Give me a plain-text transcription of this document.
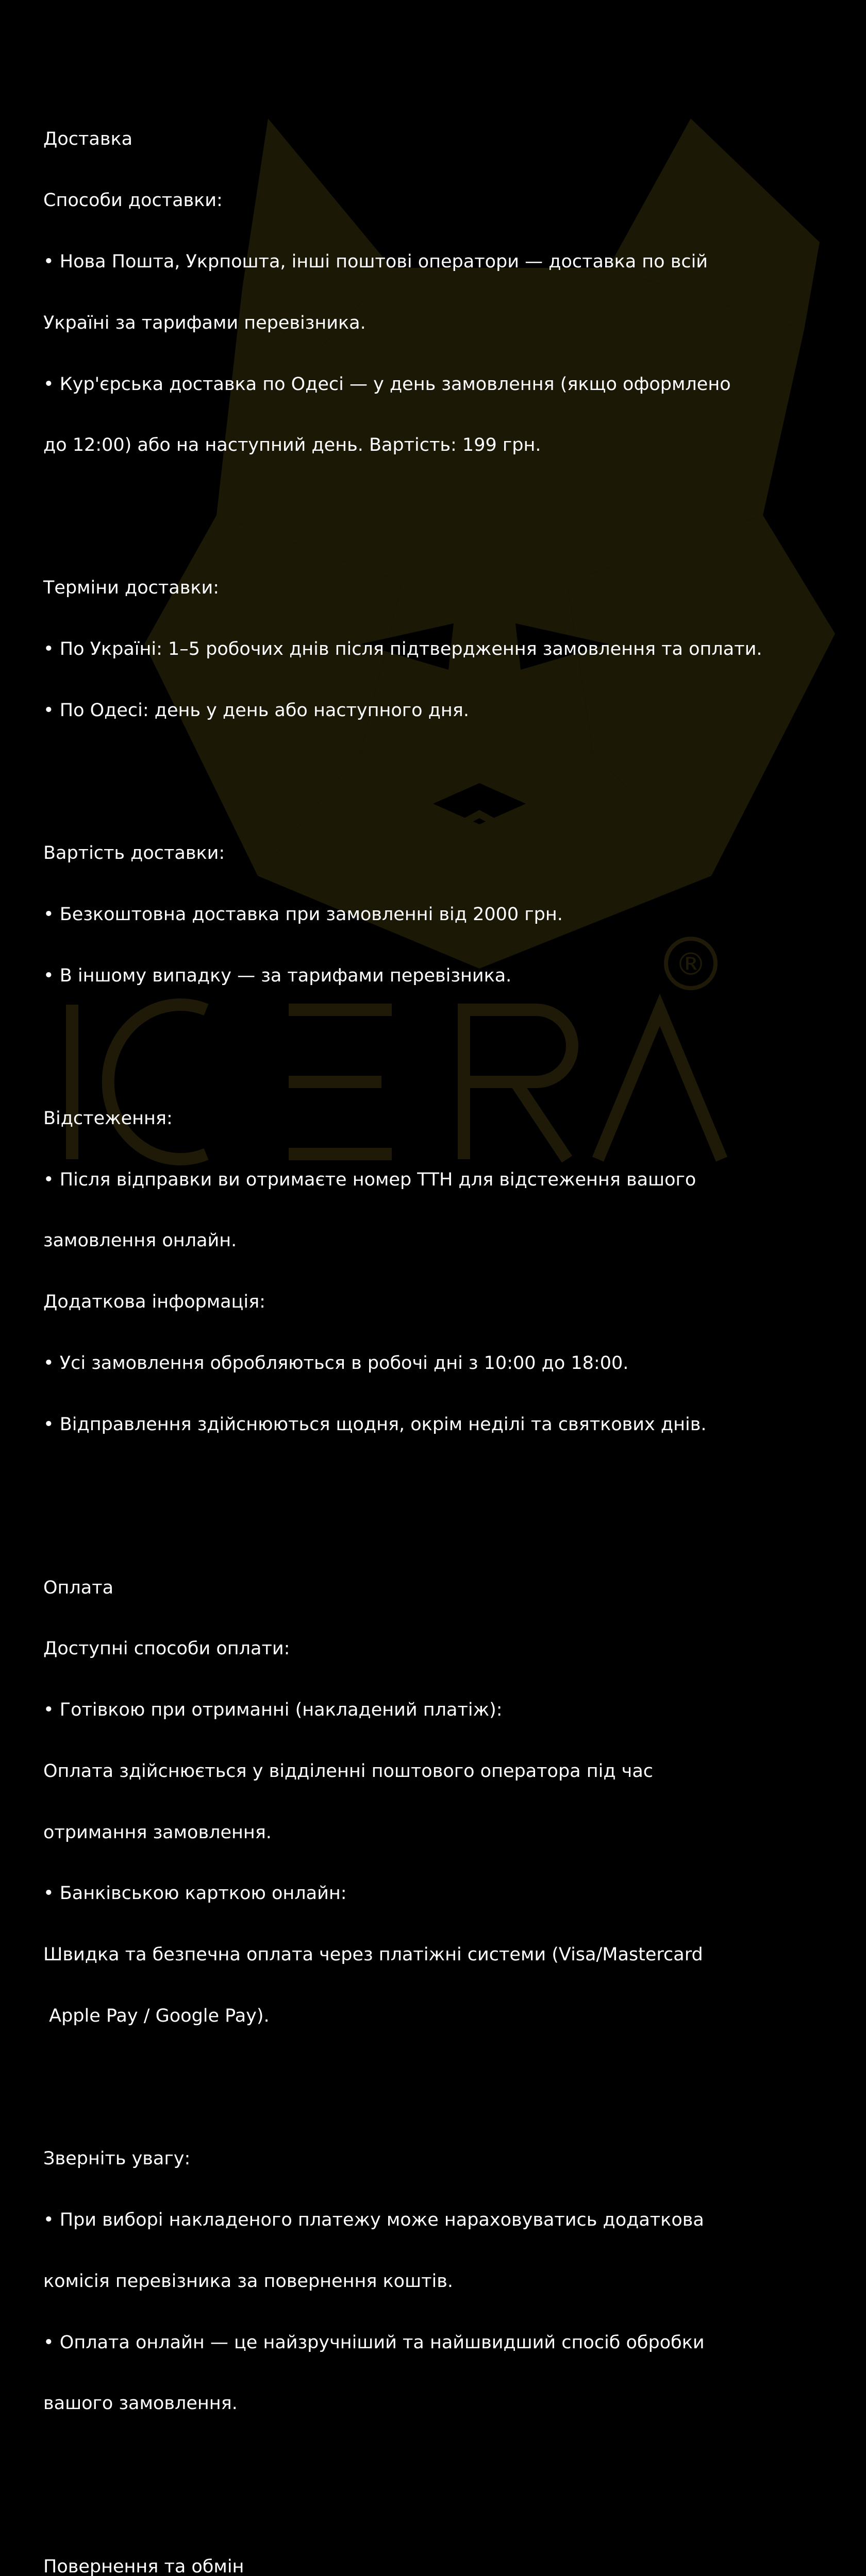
®

Доставка

Способи доставки:

• Нова Пошта, Укрпошта, інші поштові оператори — доставка по всій

Україні за тарифами перевізника.

• Кур'єрська доставка по Одесі — у день замовлення (якщо оформлено

до 12:00) або на наступний день. Вартість: 199 грн.

Терміни доставки:

• По Україні: 1–5 робочих днів після підтвердження замовлення та оплати.

• По Одесі: день у день або наступного дня.

Вартість доставки:

• Безкоштовна доставка при замовленні від 2000 грн.

• В іншому випадку — за тарифами перевізника.

Відстеження:

• Після відправки ви отримаєте номер ТТН для відстеження вашого

замовлення онлайн.

Додаткова інформація:

• Усі замовлення обробляються в робочі дні з 10:00 до 18:00.

• Відправлення здійснюються щодня, окрім неділі та святкових днів.

Оплата

Доступні способи оплати:

• Готівкою при отриманні (накладений платіж):

Оплата здійснюється у відділенні поштового оператора під час

отримання замовлення.

• Банківською карткою онлайн:

Швидка та безпечна оплата через платіжні системи (Visa/Mastercard

Apple Pay / Google Pay).

Зверніть увагу:

• При виборі накладеного платежу може нараховуватись додаткова

комісія перевізника за повернення коштів.

• Оплата онлайн — це найзручніший та найшвидший спосіб обробки

вашого замовлення.

Повернення та обмін
